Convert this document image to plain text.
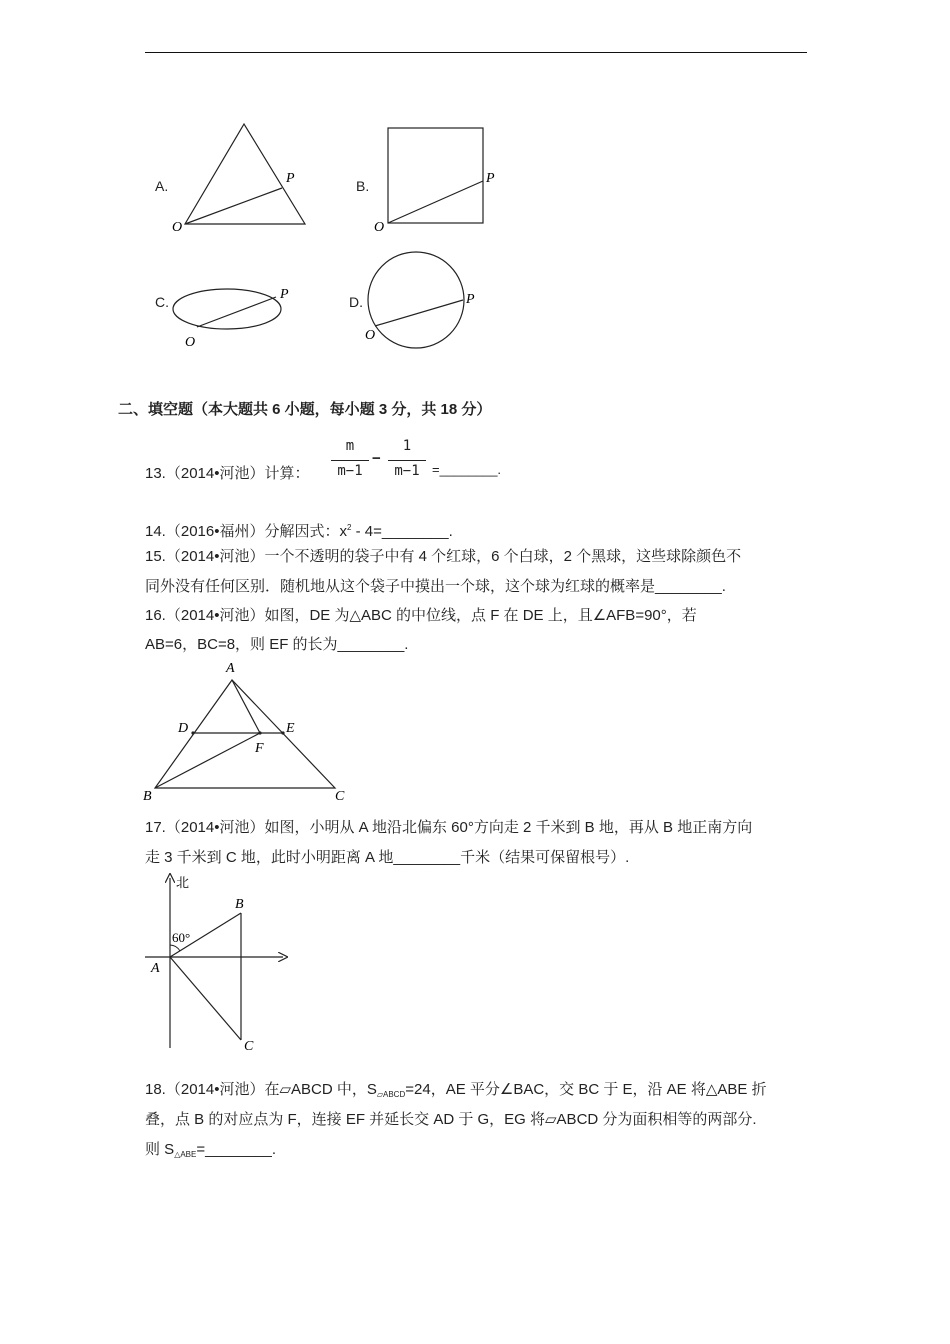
A.
O
P	B.
O
P
C.
O
P	D.
O
P
二、填空题（本大题共 6 小题，每小题 3 分，共 18 分）
13.（2014•河池）计算：
m
m−1
−
1
m−1 =________.
14.（2016•福州）分解因式：$x^2$ - 4=________.
15.（2014•河池）一个不透明的袋子中有 4 个红球，6 个白球，2 个黑球，这些球除颜色不
同外没有任何区别．随机地从这个袋子中摸出一个球，这个球为红球的概率是________.
16.（2014•河池）如图，DE 为△ABC 的中位线，点 F 在 DE 上，且∠AFB=90°，若
AB=6，BC=8，则 EF 的长为________.
A
D	E
F
B	C
17.（2014•河池）如图，小明从 A 地沿北偏东 60°方向走 2 千米到 B 地，再从 B 地正南方向
走 3 千米到 C 地，此时小明距离 A 地________千米（结果可保留根号）.
北
60°
A
B
C
18.（2014•河池）在▱ABCD 中，$S_{▱ABCD}=24$，AE 平分∠BAC，交 BC 于 E，沿 AE 将△ABE 折
叠，点 B 的对应点为 F，连接 EF 并延长交 AD 于 G，EG 将▱ABCD 分为面积相等的两部分.
则 $S_{\triangle ABE}=\_\_\_\_\_\_\_\_$.
